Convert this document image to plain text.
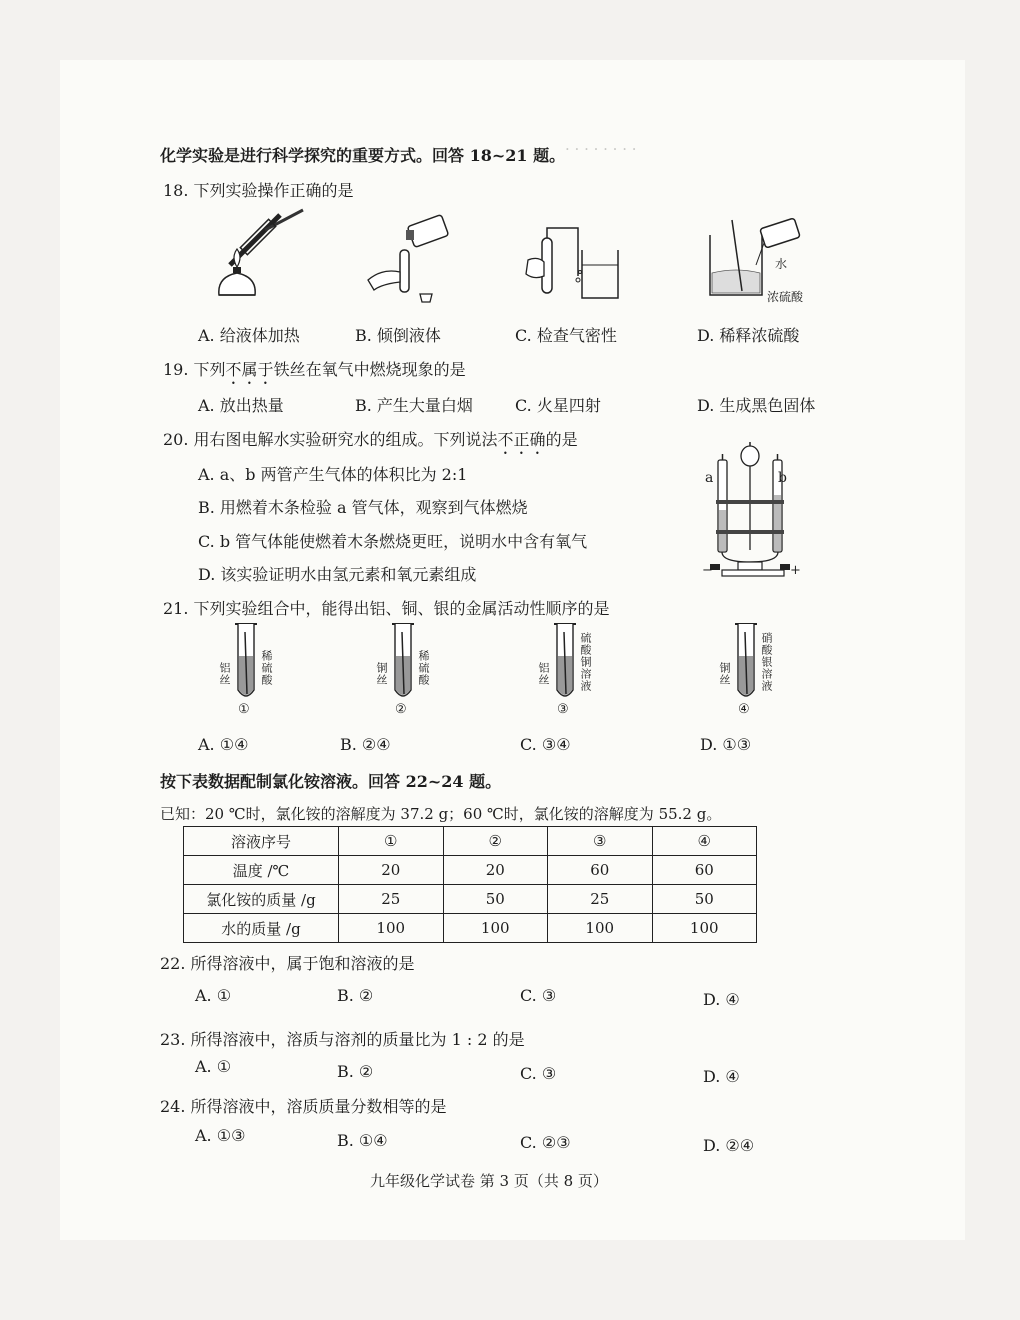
· · · · · · · ·
化学实验是进行科学探究的重要方式。回答 18~21 题。
18. 下列实验操作正确的是
水
浓硫酸
A. 给液体加热	B. 倾倒液体	C. 检查气密性	D. 稀释浓硫酸
19. 下列不属于铁丝在氧气中燃烧现象的是
A. 放出热量	B. 产生大量白烟	C. 火星四射	D. 生成黑色固体
20. 用右图电解水实验研究水的组成。下列说法不正确的是
A. a、b 两管产生气体的体积比为 2:1
B. 用燃着木条检验 a 管气体，观察到气体燃烧
C. b 管气体能使燃着木条燃烧更旺，说明水中含有氧气
D. 该实验证明水由氢元素和氧元素组成
a	b
−	+
21. 下列实验组合中，能得出铝、铜、银的金属活动性顺序的是
铝丝	稀硫酸
①
铜丝	稀硫酸
②
铝丝	硫酸铜溶液
③
铜丝	硝酸银溶液
④
A. ①④	B. ②④	C. ③④	D. ①③
按下表数据配制氯化铵溶液。回答 22~24 题。
已知：20 ℃时，氯化铵的溶解度为 37.2 g；60 ℃时，氯化铵的溶解度为 55.2 g。
溶液序号	①	②	③	④
温度 /℃	20	20	60	60
氯化铵的质量 /g	25	50	25	50
水的质量 /g	100	100	100	100
22. 所得溶液中，属于饱和溶液的是
A. ①	B. ②	C. ③	D. ④
23. 所得溶液中，溶质与溶剂的质量比为 1 : 2 的是
A. ①	B. ②	C. ③	D. ④
24. 所得溶液中，溶质质量分数相等的是
A. ①③	B. ①④	C. ②③	D. ②④
九年级化学试卷 第 3 页（共 8 页）
